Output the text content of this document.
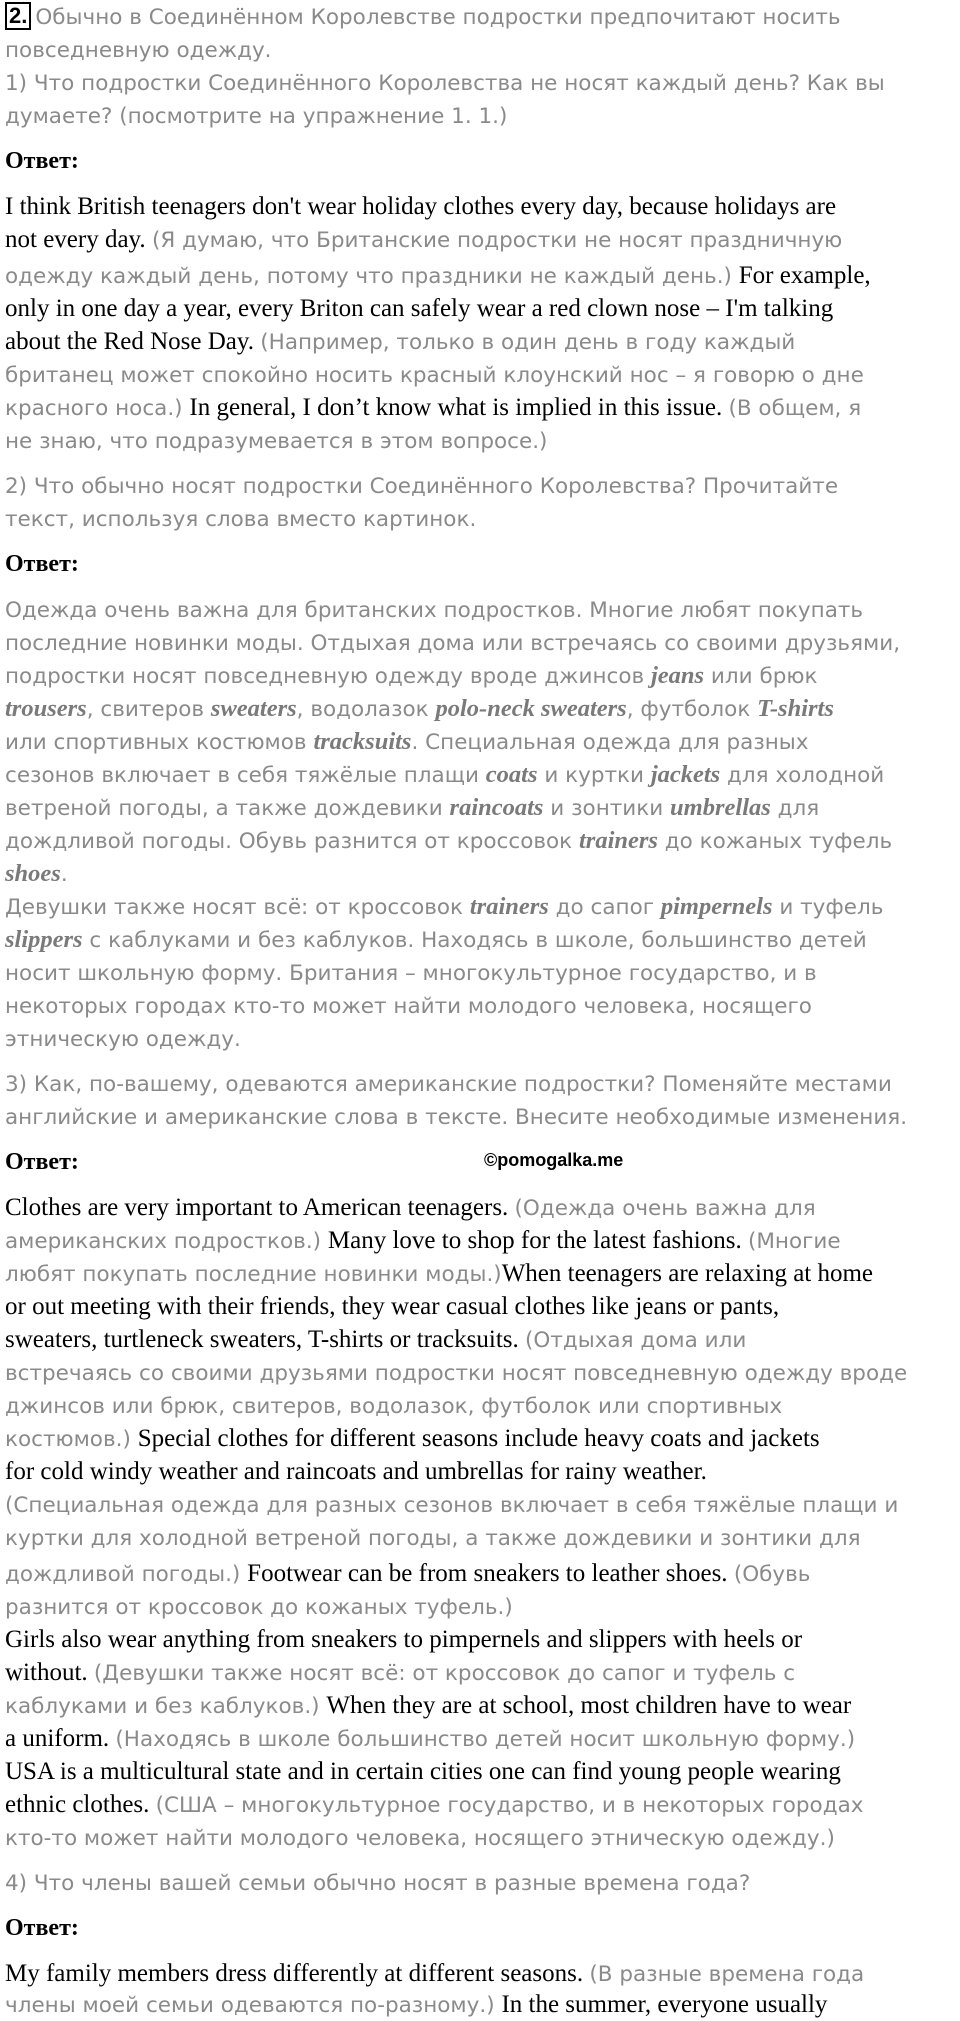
2. Обычно в Соединённом Королевстве подростки предпочитают носить
повседневную одежду.
1) Что подростки Соединённого Королевства не носят каждый день? Как вы
думаете? (посмотрите на упражнение 1. 1.)
Ответ:
I think British teenagers don't wear holiday clothes every day, because holidays are
not every day. (Я думаю, что Британские подростки не носят праздничную
одежду каждый день, потому что праздники не каждый день.) For example,
only in one day a year, every Briton can safely wear a red clown nose – I'm talking
about the Red Nose Day. (Например, только в один день в году каждый
британец может спокойно носить красный клоунский нос – я говорю о дне
красного носа.) In general, I don’t know what is implied in this issue. (В общем, я
не знаю, что подразумевается в этом вопросе.)
2) Что обычно носят подростки Соединённого Королевства? Прочитайте
текст, используя слова вместо картинок.
Ответ:
Одежда очень важна для британских подростков. Многие любят покупать
последние новинки моды. Отдыхая дома или встречаясь со своими друзьями,
подростки носят повседневную одежду вроде джинсов jeans или брюк
trousers, свитеров sweaters, водолазок polo-neck sweaters, футболок T-shirts
или спортивных костюмов tracksuits. Специальная одежда для разных
сезонов включает в себя тяжёлые плащи coats и куртки jackets для холодной
ветреной погоды, а также дождевики raincoats и зонтики umbrellas для
дождливой погоды. Обувь разнится от кроссовок trainers до кожаных туфель
shoes.
Девушки также носят всё: от кроссовок trainers до сапог pimpernels и туфель
slippers с каблуками и без каблуков. Находясь в школе, большинство детей
носит школьную форму. Британия – многокультурное государство, и в
некоторых городах кто-то может найти молодого человека, носящего
этническую одежду.
3) Как, по-вашему, одеваются американские подростки? Поменяйте местами
английские и американские слова в тексте. Внесите необходимые изменения.
Ответ:
Clothes are very important to American teenagers. (Одежда очень важна для
американских подростков.) Many love to shop for the latest fashions. (Многие
любят покупать последние новинки моды.)When teenagers are relaxing at home
or out meeting with their friends, they wear casual clothes like jeans or pants,
sweaters, turtleneck sweaters, T-shirts or tracksuits. (Отдыхая дома или
встречаясь со своими друзьями подростки носят повседневную одежду вроде
джинсов или брюк, свитеров, водолазок, футболок или спортивных
костюмов.) Special clothes for different seasons include heavy coats and jackets
for cold windy weather and raincoats and umbrellas for rainy weather.
(Специальная одежда для разных сезонов включает в себя тяжёлые плащи и
куртки для холодной ветреной погоды, а также дождевики и зонтики для
дождливой погоды.) Footwear can be from sneakers to leather shoes. (Обувь
разнится от кроссовок до кожаных туфель.)
Girls also wear anything from sneakers to pimpernels and slippers with heels or
without. (Девушки также носят всё: от кроссовок до сапог и туфель с
каблуками и без каблуков.) When they are at school, most children have to wear
a uniform. (Находясь в школе большинство детей носит школьную форму.)
USA is a multicultural state and in certain cities one can find young people wearing
ethnic clothes. (США – многокультурное государство, и в некоторых городах
кто-то может найти молодого человека, носящего этническую одежду.)
4) Что члены вашей семьи обычно носят в разные времена года?
Ответ:
My family members dress differently at different seasons. (В разные времена года
члены моей семьи одеваются по-разному.) In the summer, everyone usually
©pomogalka.me
